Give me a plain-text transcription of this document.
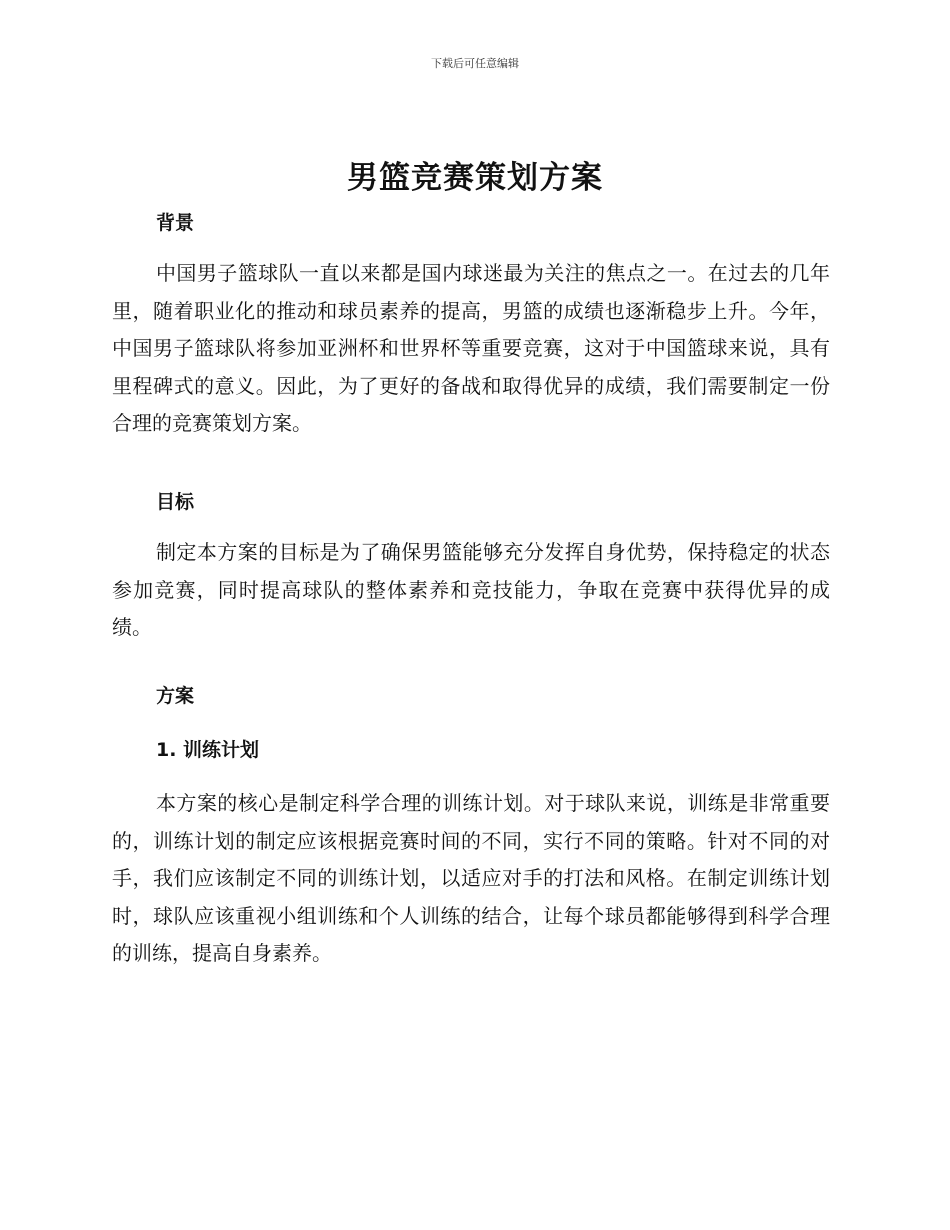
下载后可任意编辑
男篮竞赛策划方案
背景

中国男子篮球队一直以来都是国内球迷最为关注的焦点之一。在过去的几年里，随着职业化的推动和球员素养的提高，男篮的成绩也逐渐稳步上升。今年，中国男子篮球队将参加亚洲杯和世界杯等重要竞赛，这对于中国篮球来说，具有里程碑式的意义。因此，为了更好的备战和取得优异的成绩，我们需要制定一份合理的竞赛策划方案。

目标

制定本方案的目标是为了确保男篮能够充分发挥自身优势，保持稳定的状态参加竞赛，同时提高球队的整体素养和竞技能力，争取在竞赛中获得优异的成绩。

方案
1. 训练计划

本方案的核心是制定科学合理的训练计划。对于球队来说，训练是非常重要的，训练计划的制定应该根据竞赛时间的不同，实行不同的策略。针对不同的对手，我们应该制定不同的训练计划，以适应对手的打法和风格。在制定训练计划时，球队应该重视小组训练和个人训练的结合，让每个球员都能够得到科学合理的训练，提高自身素养。
